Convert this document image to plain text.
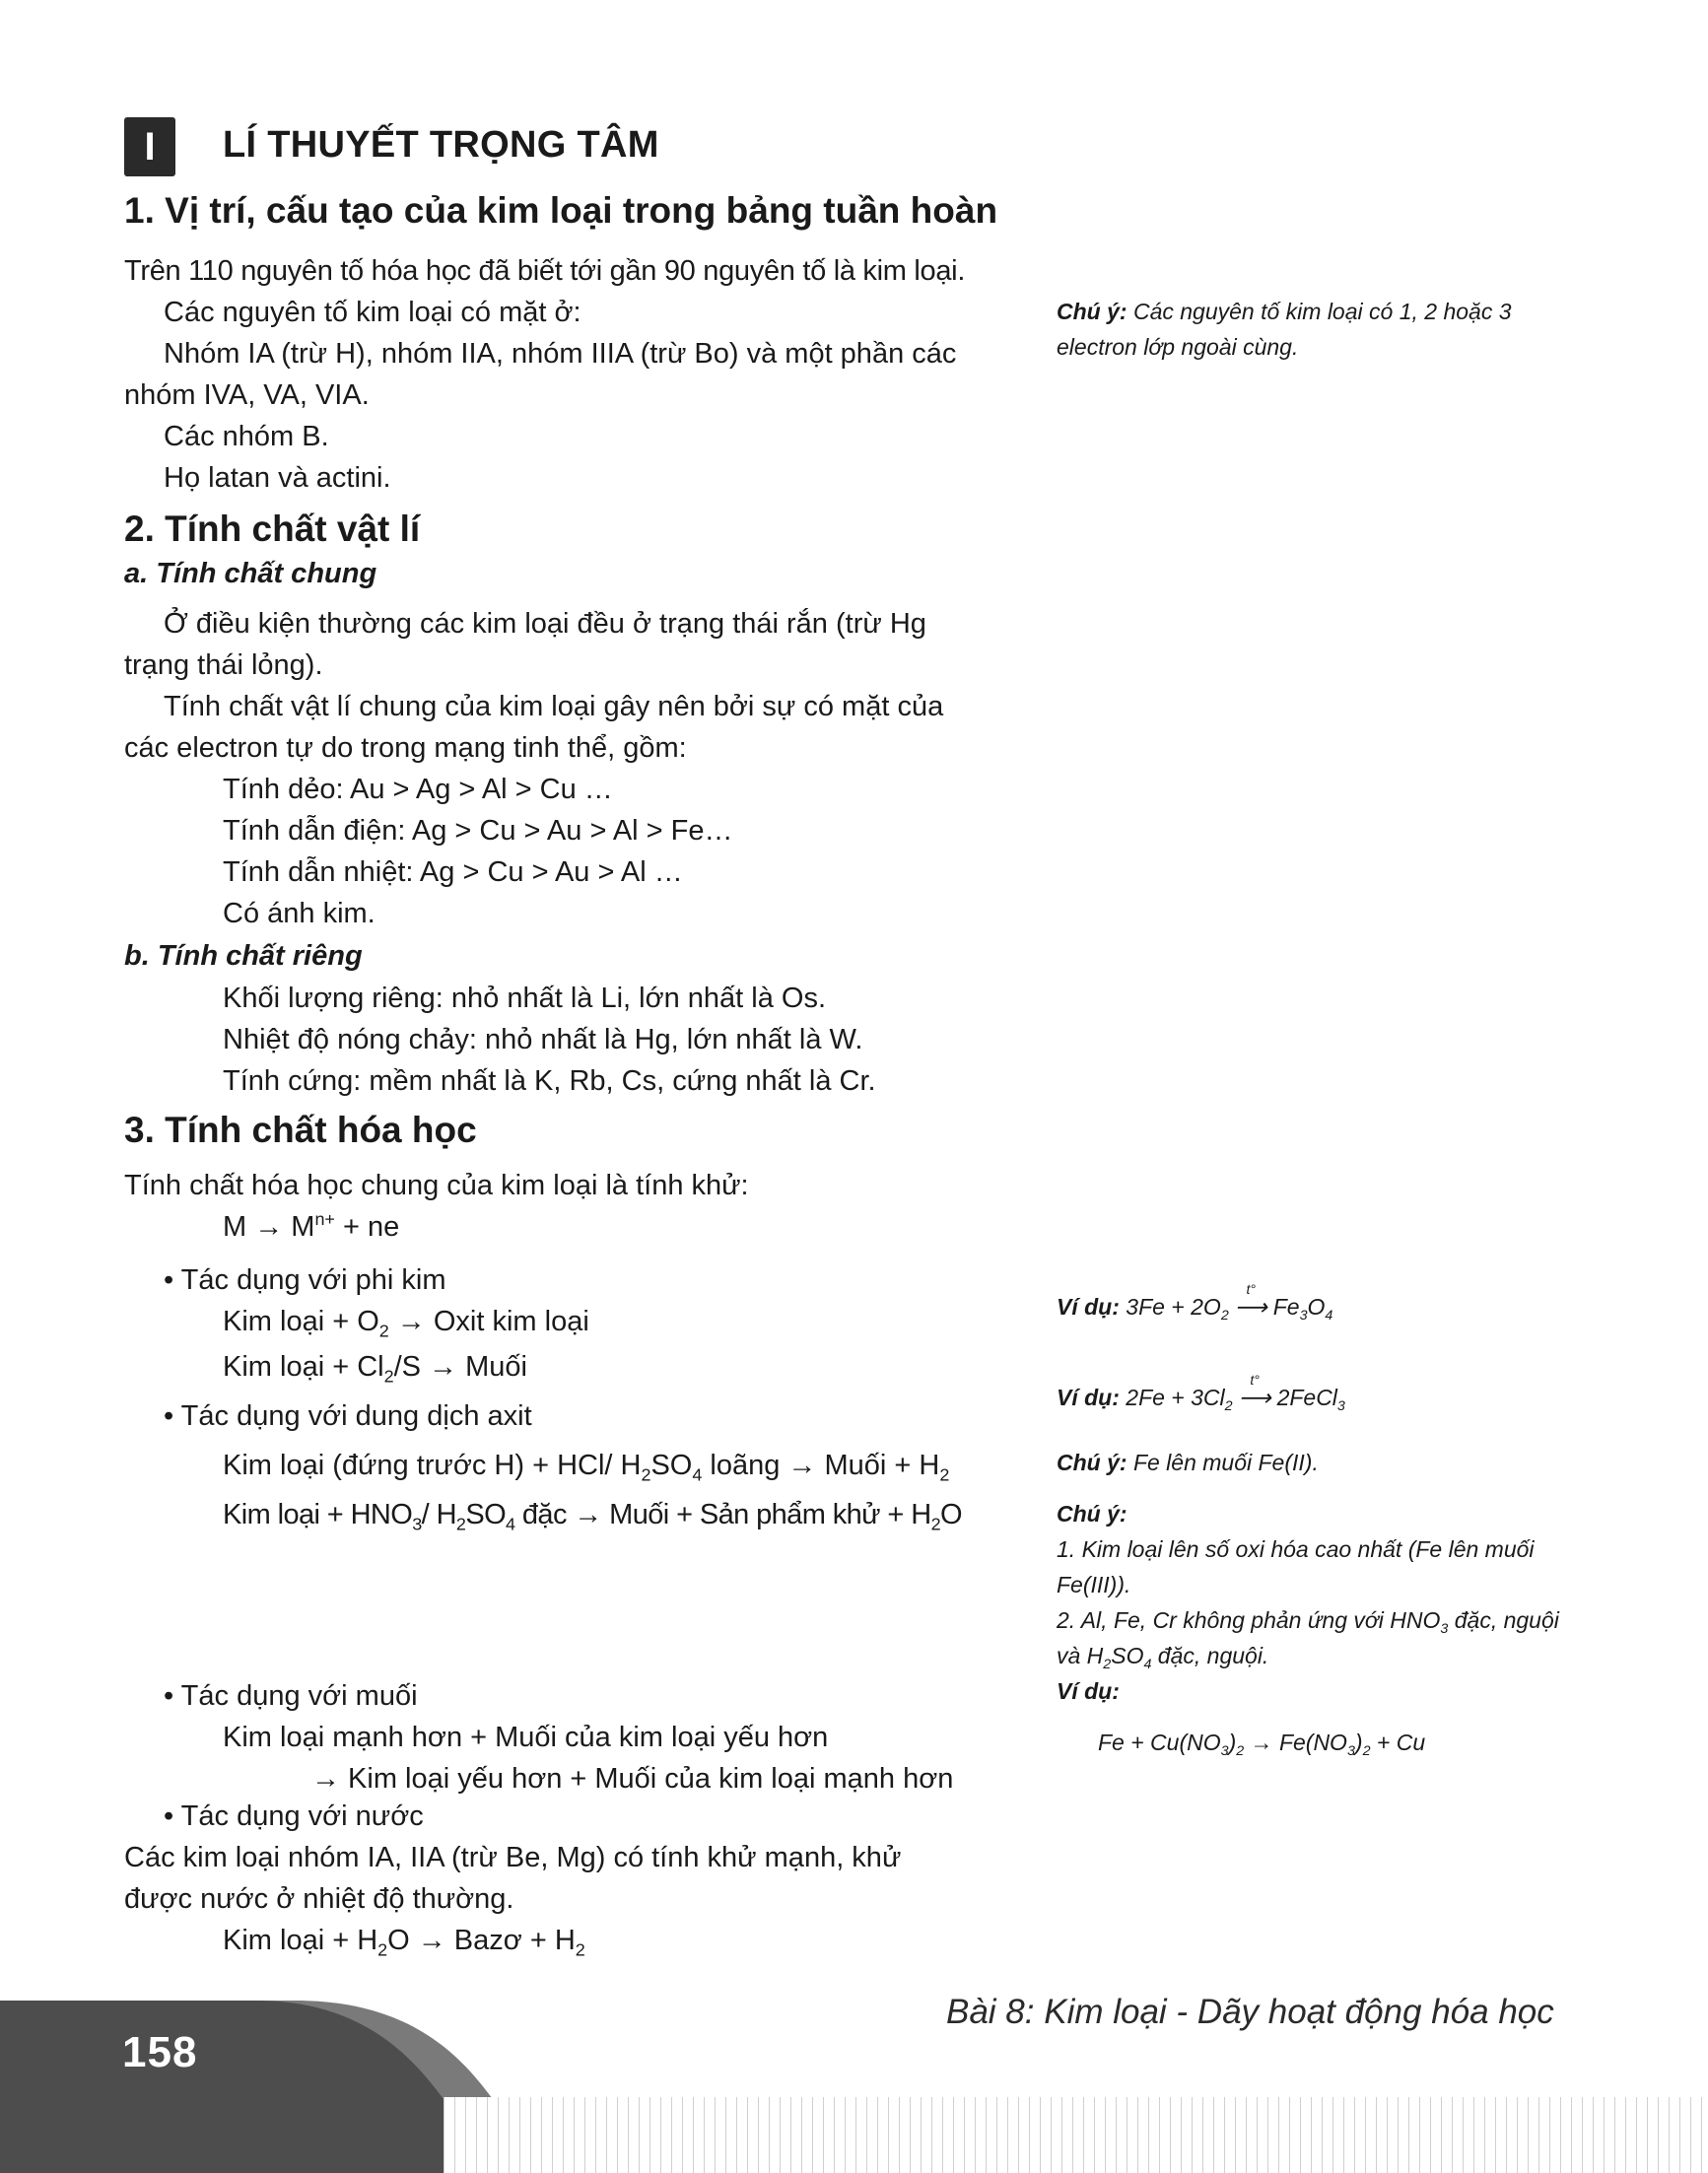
158
Bài 8: Kim loại - Dãy hoạt động hóa học
I	LÍ THUYẾT TRỌNG TÂM
1. Vị trí, cấu tạo của kim loại trong bảng tuần hoàn
Trên 110 nguyên tố hóa học đã biết tới gần 90 nguyên tố là kim loại.
Các nguyên tố kim loại có mặt ở:
Nhóm IA (trừ H), nhóm IIA, nhóm IIIA (trừ Bo) và một phần các
nhóm IVA, VA, VIA.
Các nhóm B.
Họ latan và actini.
2. Tính chất vật lí
a. Tính chất chung
Ở điều kiện thường các kim loại đều ở trạng thái rắn (trừ Hg
trạng thái lỏng).
Tính chất vật lí chung của kim loại gây nên bởi sự có mặt của
các electron tự do trong mạng tinh thể, gồm:
Tính dẻo: Au > Ag > Al > Cu …
Tính dẫn điện: Ag > Cu > Au > Al > Fe…
Tính dẫn nhiệt: Ag > Cu > Au > Al …
Có ánh kim.
b. Tính chất riêng
Khối lượng riêng: nhỏ nhất là Li, lớn nhất là Os.
Nhiệt độ nóng chảy: nhỏ nhất là Hg, lớn nhất là W.
Tính cứng: mềm nhất là K, Rb, Cs, cứng nhất là Cr.
3. Tính chất hóa học
Tính chất hóa học chung của kim loại là tính khử:
$M \to M^{n+}$ + ne
• Tác dụng với phi kim
Kim loại + $O_2$ → Oxit kim loại
Kim loại + $Cl_2/S$ → Muối
• Tác dụng với dung dịch axit
Kim loại (đứng trước H) + HCl/ $H_2SO_4$ loãng → Muối + $H_2$
Kim loại + $HNO_3/$ $H_2SO_4$ đặc → Muối + Sản phẩm khử + $H_2O$
• Tác dụng với muối
Kim loại mạnh hơn + Muối của kim loại yếu hơn
→ Kim loại yếu hơn + Muối của kim loại mạnh hơn
• Tác dụng với nước
Các kim loại nhóm IA, IIA (trừ Be, Mg) có tính khử mạnh, khử
được nước ở nhiệt độ thường.
Kim loại + $H_2O$ → Bazơ + $H_2$
Chú ý: Các nguyên tố kim loại có 1, 2 hoặc 3
electron lớp ngoài cùng.
Ví dụ: $3Fe + 2O_2$
t°
⟶ $Fe_3O_4$
Ví dụ: $2Fe + 3Cl_2$
t°
⟶ 2FeCl$_3$
Chú ý: Fe lên muối Fe(II).
Chú ý:
1. Kim loại lên số oxi hóa cao nhất (Fe lên muối
Fe(III)).
2. Al, Fe, Cr không phản ứng với $HNO_3$ đặc, nguội
và $H_2SO_4$ đặc, nguội.
Ví dụ:
$Fe + Cu(NO_3)_2 \to Fe(NO_3)_2 + Cu$
